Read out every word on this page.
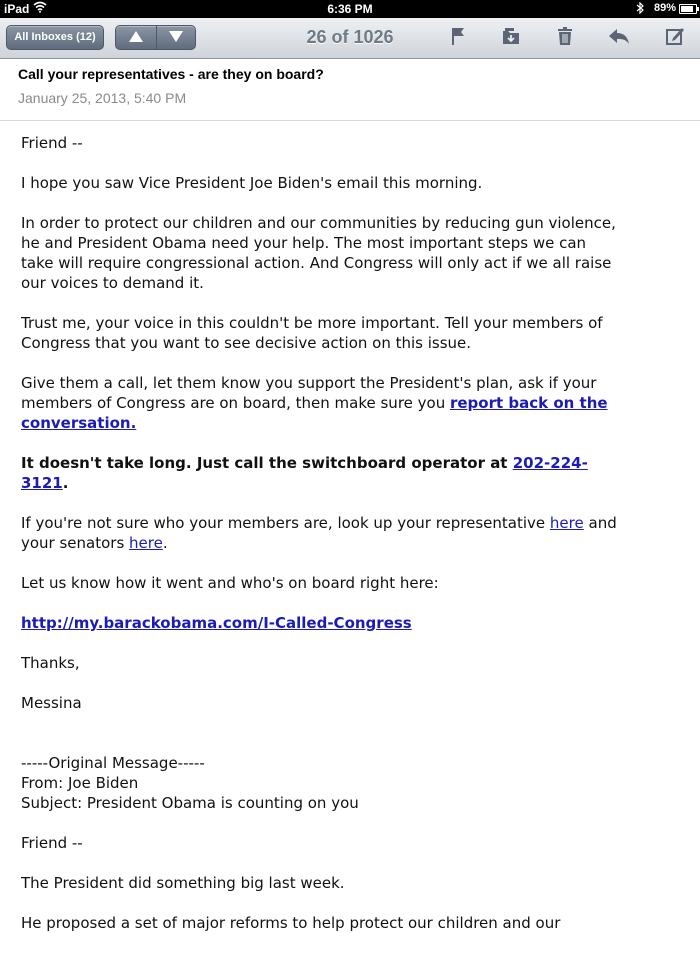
iPad	6:36 PM	89%
All Inboxes (12)	26 of 1026
Call your representatives - are they on board?
January 25, 2013, 5:40 PM

Friend --

I hope you saw Vice President Joe Biden's email this morning.

In order to protect our children and our communities by reducing gun violence, he and President Obama need your help. The most important steps we can take will require congressional action. And Congress will only act if we all raise our voices to demand it.

Trust me, your voice in this couldn't be more important. Tell your members of Congress that you want to see decisive action on this issue.

Give them a call, let them know you support the President's plan, ask if your members of Congress are on board, then make sure you report back on the conversation.

It doesn't take long. Just call the switchboard operator at 202-224-3121.

If you're not sure who your members are, look up your representative here and your senators here.

Let us know how it went and who's on board right here:

http://my.barackobama.com/I-Called-Congress

Thanks,

Messina

-----Original Message-----

From: Joe Biden

Subject: President Obama is counting on you

Friend --

The President did something big last week.

He proposed a set of major reforms to help protect our children and our
